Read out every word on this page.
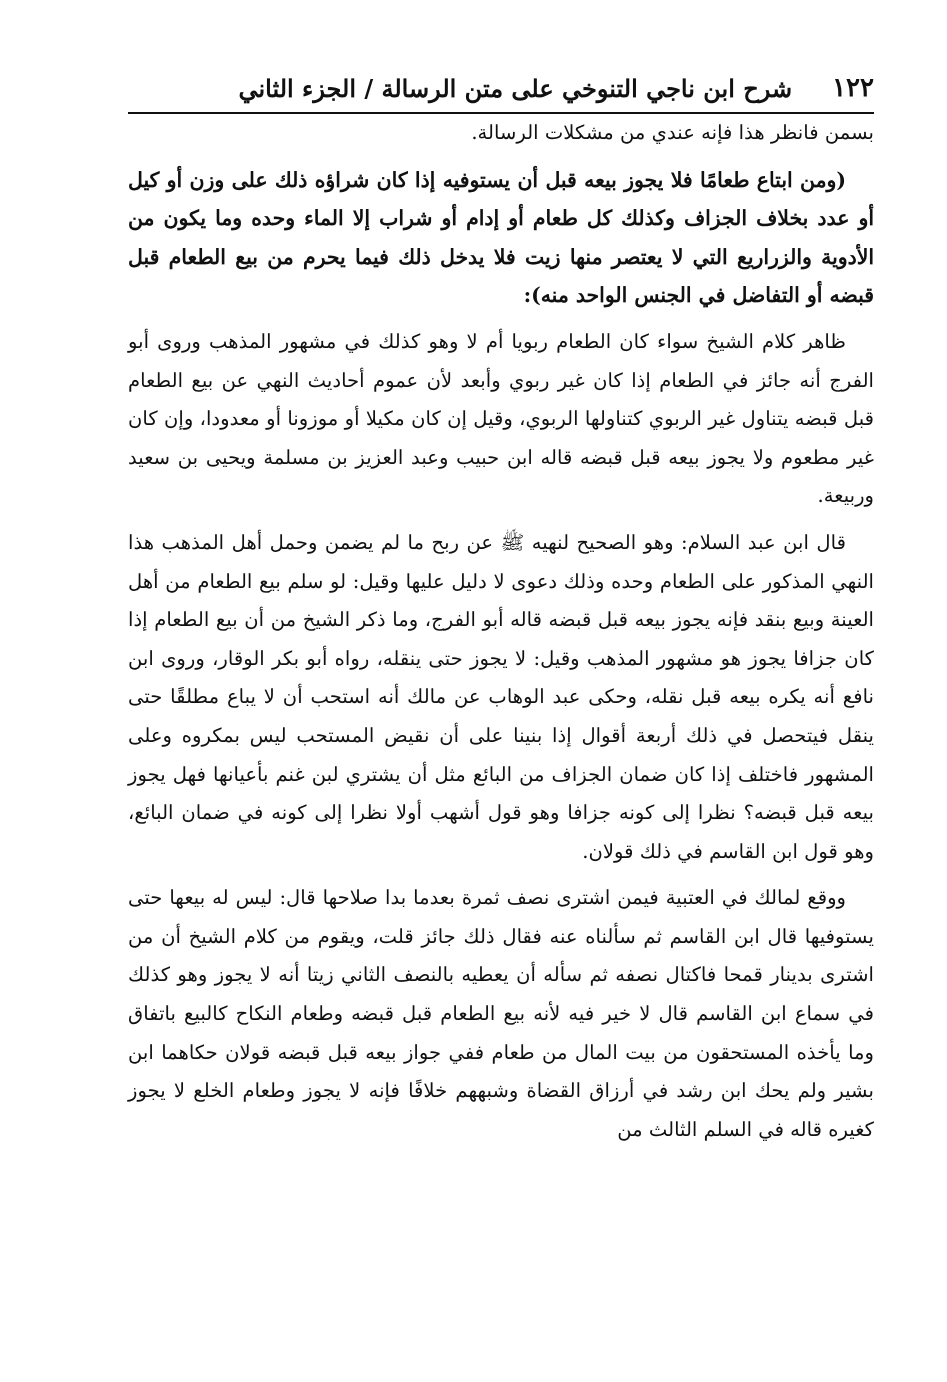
١٢٢
شرح ابن ناجي التنوخي على متن الرسالة / الجزء الثاني

بسمن فانظر هذا فإنه عندي من مشكلات الرسالة.

(ومن ابتاع طعامًا فلا يجوز بيعه قبل أن يستوفيه إذا كان شراؤه ذلك على وزن أو كيل أو عدد بخلاف الجزاف وكذلك كل طعام أو إدام أو شراب إلا الماء وحده وما يكون من الأدوية والزراريع التي لا يعتصر منها زيت فلا يدخل ذلك فيما يحرم من بيع الطعام قبل قبضه أو التفاضل في الجنس الواحد منه):

ظاهر كلام الشيخ سواء كان الطعام ربويا أم لا وهو كذلك في مشهور المذهب وروى أبو الفرج أنه جائز في الطعام إذا كان غير ربوي وأبعد لأن عموم أحاديث النهي عن بيع الطعام قبل قبضه يتناول غير الربوي كتناولها الربوي، وقيل إن كان مكيلا أو موزونا أو معدودا، وإن كان غير مطعوم ولا يجوز بيعه قبل قبضه قاله ابن حبيب وعبد العزيز بن مسلمة ويحيى بن سعيد وربيعة.

قال ابن عبد السلام: وهو الصحيح لنهيه ﷺ عن ربح ما لم يضمن وحمل أهل المذهب هذا النهي المذكور على الطعام وحده وذلك دعوى لا دليل عليها وقيل: لو سلم بيع الطعام من أهل العينة وبيع بنقد فإنه يجوز بيعه قبل قبضه قاله أبو الفرج، وما ذكر الشيخ من أن بيع الطعام إذا كان جزافا يجوز هو مشهور المذهب وقيل: لا يجوز حتى ينقله، رواه أبو بكر الوقار، وروى ابن نافع أنه يكره بيعه قبل نقله، وحكى عبد الوهاب عن مالك أنه استحب أن لا يباع مطلقًا حتى ينقل فيتحصل في ذلك أربعة أقوال إذا بنينا على أن نقيض المستحب ليس بمكروه وعلى المشهور فاختلف إذا كان ضمان الجزاف من البائع مثل أن يشتري لبن غنم بأعيانها فهل يجوز بيعه قبل قبضه؟ نظرا إلى كونه جزافا وهو قول أشهب أولا نظرا إلى كونه في ضمان البائع، وهو قول ابن القاسم في ذلك قولان.

ووقع لمالك في العتبية فيمن اشترى نصف ثمرة بعدما بدا صلاحها قال: ليس له بيعها حتى يستوفيها قال ابن القاسم ثم سألناه عنه فقال ذلك جائز قلت، ويقوم من كلام الشيخ أن من اشترى بدينار قمحا فاكتال نصفه ثم سأله أن يعطيه بالنصف الثاني زيتا أنه لا يجوز وهو كذلك في سماع ابن القاسم قال لا خير فيه لأنه بيع الطعام قبل قبضه وطعام النكاح كالبيع باتفاق وما يأخذه المستحقون من بيت المال من طعام ففي جواز بيعه قبل قبضه قولان حكاهما ابن بشير ولم يحك ابن رشد في أرزاق القضاة وشبههم خلافًا فإنه لا يجوز وطعام الخلع لا يجوز كغيره قاله في السلم الثالث من
